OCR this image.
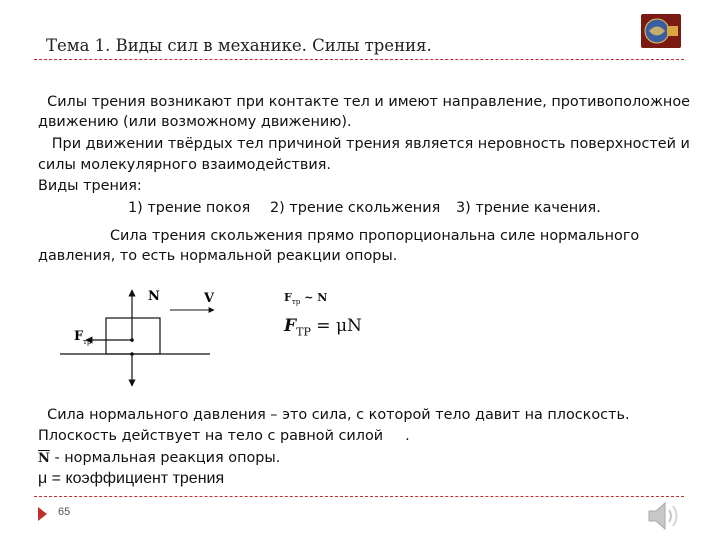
Тема 1. Виды сил в механике. Силы трения.
Силы трения возникают при контакте тел и имеют направление, противоположное
движению (или возможному движению).
При движении твёрдых тел причиной трения является неровность поверхностей и
силы молекулярного взаимодействия.
Виды трения:
1) трение покоя 2) трение скольжения 3) трение качения.
Сила трения скольжения прямо пропорциональна силе нормального
давления, то есть нормальной реакции опоры.
N	V
F тр
$F_{тр}$ ~ N
$F_{ТР} = \mu N$
Сила нормального давления – это сила, с которой тело давит на плоскость.
Плоскость действует на тело с равной силой .
$\overline{N}$ - нормальная реакция опоры.
μ = коэффициент трения
65
